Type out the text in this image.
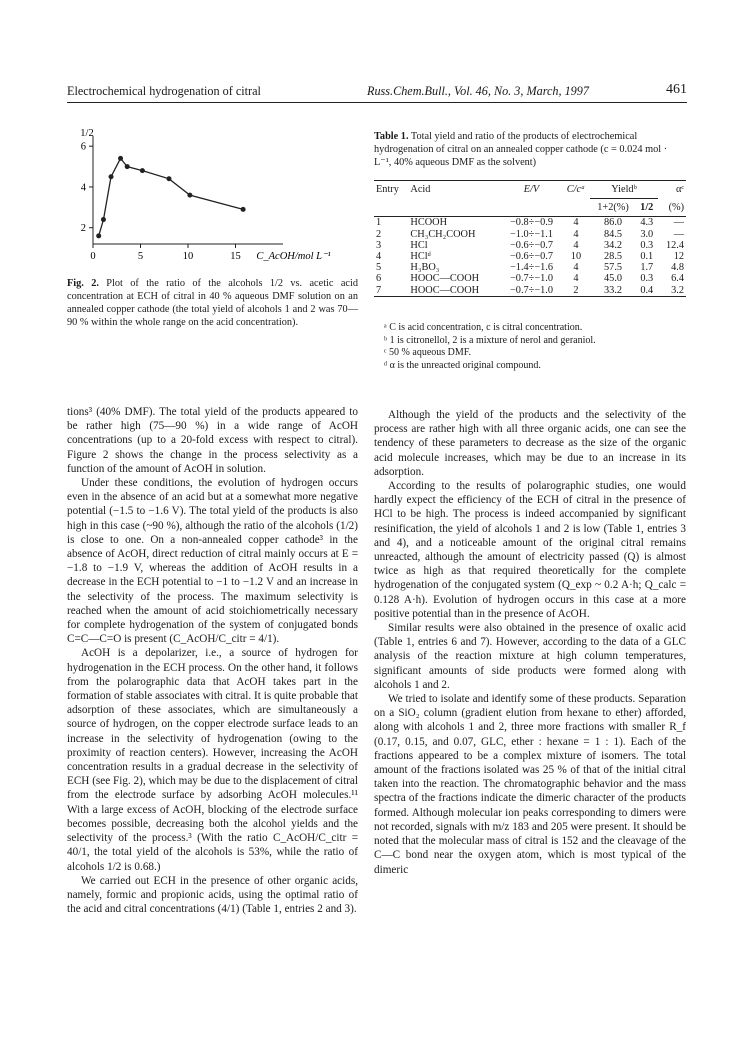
Electrochemical hydrogenation of citral	Russ.Chem.Bull., Vol. 46, No. 3, March, 1997	461
1/2
2
4
6
0	5	10	15 C_AcOH/mol L⁻¹
Fig. 2. Plot of the ratio of the alcohols 1/2 vs. acetic acid concentration at ECH of citral in 40 % aqueous DMF solution on an annealed copper cathode (the total yield of alcohols 1 and 2 was 70—90 % within the whole range on the acid concentration).

tions³ (40% DMF). The total yield of the products appeared to be rather high (75—90 %) in a wide range of AcOH concentrations (up to a 20-fold excess with respect to citral). Figure 2 shows the change in the process selectivity as a function of the amount of AcOH in solution.

Under these conditions, the evolution of hydrogen occurs even in the absence of an acid but at a somewhat more negative potential (−1.5 to −1.6 V). The total yield of the products is also high in this case (~90 %), although the ratio of the alcohols (1/2) is close to one. On a non-annealed copper cathode³ in the absence of AcOH, direct reduction of citral mainly occurs at E = −1.8 to −1.9 V, whereas the addition of AcOH results in a decrease in the ECH potential to −1 to −1.2 V and an increase in the selectivity of the process. The maximum selectivity is reached when the amount of acid stoichiometrically necessary for complete hydrogenation of the system of conjugated bonds C=C—C=O is present (C_AcOH/C_citr = 4/1).

AcOH is a depolarizer, i.e., a source of hydrogen for hydrogenation in the ECH process. On the other hand, it follows from the polarographic data that AcOH takes part in the formation of stable associates with citral. It is quite probable that adsorption of these associates, which are simultaneously a source of hydrogen, on the copper electrode surface leads to an increase in the selectivity of hydrogenation (owing to the proximity of reaction centers). However, increasing the AcOH concentration results in a gradual decrease in the selectivity of ECH (see Fig. 2), which may be due to the displacement of citral from the electrode surface by adsorbing AcOH molecules.¹¹ With a large excess of AcOH, blocking of the electrode surface becomes possible, decreasing both the alcohol yields and the selectivity of the process.³ (With the ratio C_AcOH/C_citr = 40/1, the total yield of the alcohols is 53%, while the ratio of alcohols 1/2 is 0.68.)

We carried out ECH in the presence of other organic acids, namely, formic and propionic acids, using the optimal ratio of the acid and citral concentrations (4/1) (Table 1, entries 2 and 3).

Table 1. Total yield and ratio of the products of electrochemical hydrogenation of citral on an annealed copper cathode (c = 0.024 mol · L⁻¹, 40% aqueous DMF as the solvent)
Entry	Acid	E/V	C/cᵃ	Yieldᵇ		αᶜ
				1+2(%)	1/2	(%)
1	HCOOH	−0.8÷−0.9	4	86.0	4.3	—
2	CH₃CH₂COOH	−1.0÷−1.1	4	84.5	3.0	—
3	HCl	−0.6÷−0.7	4	34.2	0.3	12.4
4	HClᵈ	−0.6÷−0.7	10	28.5	0.1	12
5	H₃BO₃	−1.4÷−1.6	4	57.5	1.7	4.8
6	HOOC—COOH	−0.7÷−1.0	4	45.0	0.3	6.4
7	HOOC—COOH	−0.7÷−1.0	2	33.2	0.4	3.2
ᵃ C is acid concentration, c is citral concentration.
ᵇ 1 is citronellol, 2 is a mixture of nerol and geraniol.
ᶜ 50 % aqueous DMF.
ᵈ α is the unreacted original compound.

Although the yield of the products and the selectivity of the process are rather high with all three organic acids, one can see the tendency of these parameters to decrease as the size of the organic acid molecule increases, which may be due to an increase in its adsorption.

According to the results of polarographic studies, one would hardly expect the efficiency of the ECH of citral in the presence of HCl to be high. The process is indeed accompanied by significant resinification, the yield of alcohols 1 and 2 is low (Table 1, entries 3 and 4), and a noticeable amount of the original citral remains unreacted, although the amount of electricity passed (Q) is almost twice as high as that required theoretically for the complete hydrogenation of the conjugated system (Q_exp ~ 0.2 A·h; Q_calc = 0.128 A·h). Evolution of hydrogen occurs in this case at a more positive potential than in the presence of AcOH.

Similar results were also obtained in the presence of oxalic acid (Table 1, entries 6 and 7). However, according to the data of a GLC analysis of the reaction mixture at high column temperatures, significant amounts of side products were formed along with alcohols 1 and 2.

We tried to isolate and identify some of these products. Separation on a SiO₂ column (gradient elution from hexane to ether) afforded, along with alcohols 1 and 2, three more fractions with smaller R_f (0.17, 0.15, and 0.07, GLC, ether : hexane = 1 : 1). Each of the fractions appeared to be a complex mixture of isomers. The total amount of the fractions isolated was 25 % of that of the initial citral taken into the reaction. The chromatographic behavior and the mass spectra of the fractions indicate the dimeric character of the products formed. Although molecular ion peaks corresponding to dimers were not recorded, signals with m/z 183 and 205 were present. It should be noted that the molecular mass of citral is 152 and the cleavage of the C—C bond near the oxygen atom, which is most typical of the dimeric
